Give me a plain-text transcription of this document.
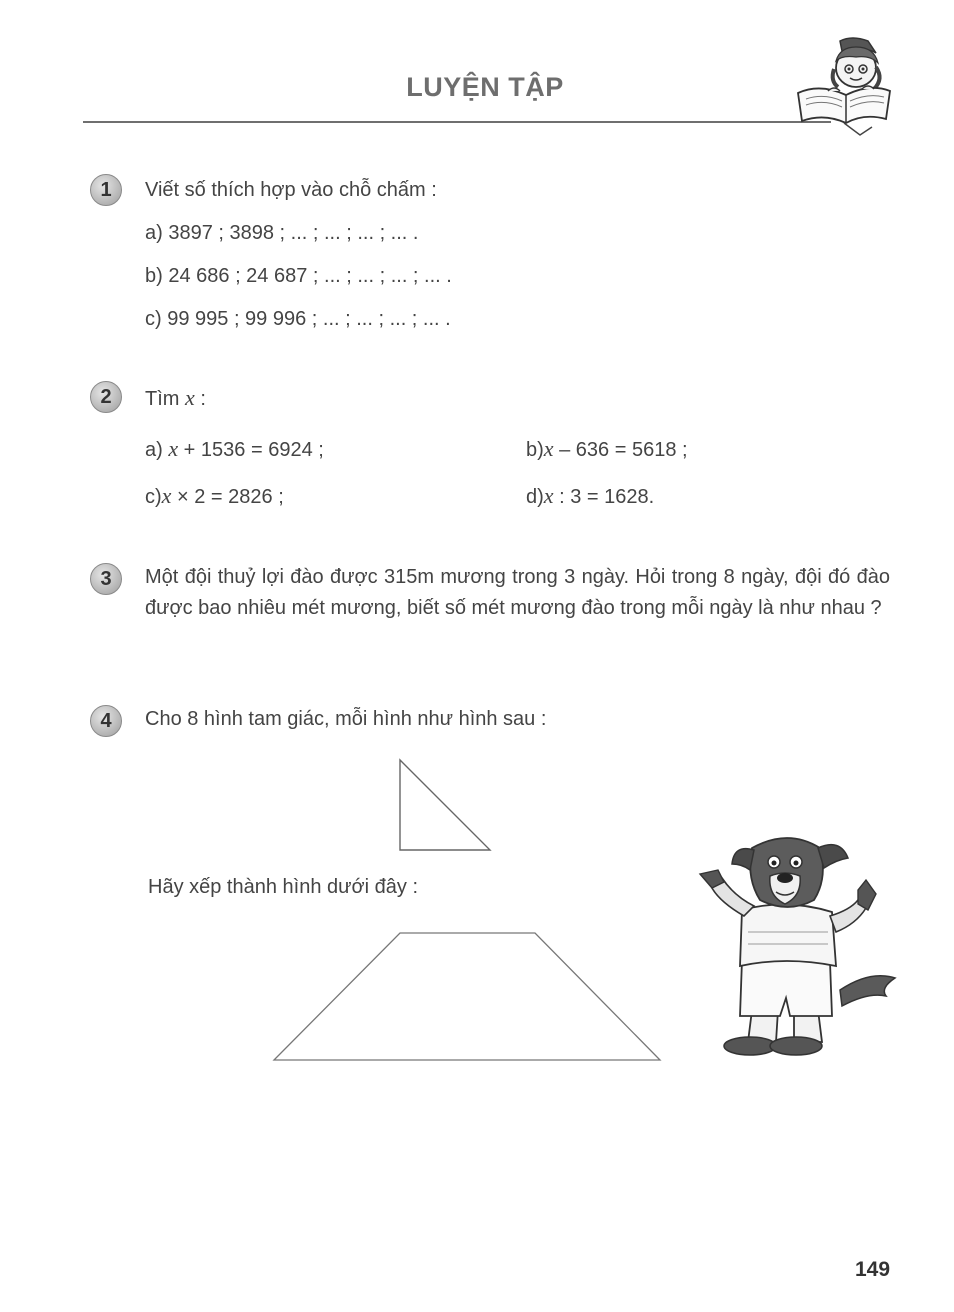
LUYỆN TẬP
1	Viết số thích hợp vào chỗ chấm :
a) 3897 ; 3898 ; ... ; ... ; ... ; ... .
b) 24 686 ; 24 687 ; ... ; ... ; ... ; ... .
c) 99 995 ; 99 996 ; ... ; ... ; ... ; ... .
2	Tìm x :
a) x + 1536 = 6924 ;	b)x – 636 = 5618 ;
c)x × 2 = 2826 ;	d)x : 3 = 1628.
3	Một đội thuỷ lợi đào được 315m mương trong 3 ngày. Hỏi trong 8 ngày, đội đó đào được bao nhiêu mét mương, biết số mét mương đào trong mỗi ngày là như nhau ?
4	Cho 8 hình tam giác, mỗi hình như hình sau :
Hãy xếp thành hình dưới đây :
149
